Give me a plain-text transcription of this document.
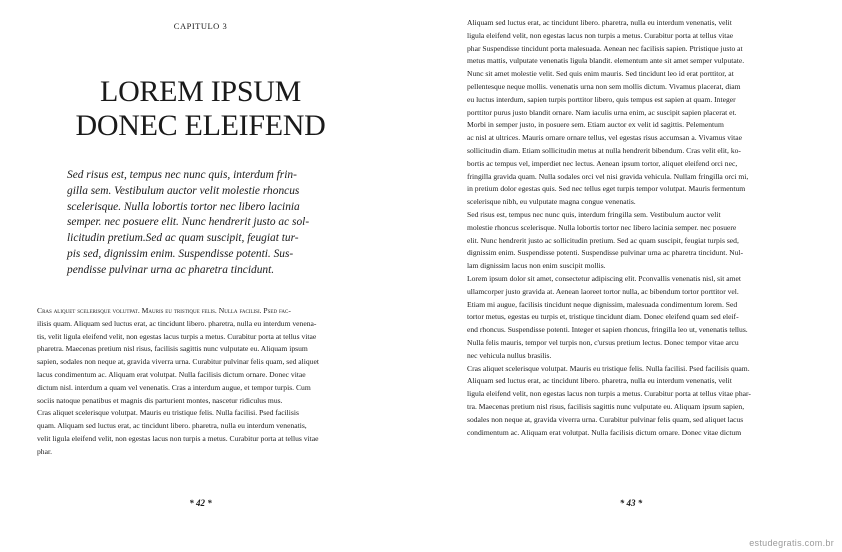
CAPITULO 3
LOREM IPSUM
DONEC ELEIFEND
Sed risus est, tempus nec nunc quis, interdum frin-
gilla sem. Vestibulum auctor velit molestie rhoncus
scelerisque. Nulla lobortis tortor nec libero lacinia
semper. nec posuere elit. Nunc hendrerit justo ac sol-
licitudin pretium.Sed ac quam suscipit, feugiat tur-
pis sed, dignissim enim. Suspendisse potenti. Sus-
pendisse pulvinar urna ac pharetra tincidunt.
Cras aliquet scelerisque volutpat. Mauris eu tristique felis. Nulla facilisi. Psed fac-
ilisis quam. Aliquam sed luctus erat, ac tincidunt libero. pharetra, nulla eu interdum venena-
tis, velit ligula eleifend velit, non egestas lacus turpis a metus. Curabitur porta at tellus vitae
pharetra. Maecenas pretium nisl risus, facilisis sagittis nunc vulputate eu. Aliquam ipsum
sapien, sodales non neque at, gravida viverra urna. Curabitur pulvinar felis quam, sed aliquet
lacus condimentum ac. Aliquam erat volutpat. Nulla facilisis dictum ornare. Donec vitae
dictum nisl. interdum a quam vel venenatis. Cras a interdum augue, et tempor turpis. Cum
sociis natoque penatibus et magnis dis parturient montes, nascetur ridiculus mus.
Cras aliquet scelerisque volutpat. Mauris eu tristique felis. Nulla facilisi. Psed facilisis
quam. Aliquam sed luctus erat, ac tincidunt libero. pharetra, nulla eu interdum venenatis,
velit ligula eleifend velit, non egestas lacus non turpis a metus. Curabitur porta at tellus vitae
phar.
* 42 *
Aliquam sed luctus erat, ac tincidunt libero. pharetra, nulla eu interdum venenatis, velit
ligula eleifend velit, non egestas lacus non turpis a metus. Curabitur porta at tellus vitae
phar Suspendisse tincidunt porta malesuada. Aenean nec facilisis sapien. Ptristique justo at
metus mattis, vulputate venenatis ligula blandit. elementum ante sit amet semper vulputate.
Nunc sit amet molestie velit. Sed quis enim mauris. Sed tincidunt leo id erat porttitor, at
pellentesque neque mollis. venenatis urna non sem mollis dictum. Vivamus placerat, diam
eu luctus interdum, sapien turpis porttitor libero, quis tempus est sapien at quam. Integer
porttitor purus justo blandit ornare. Nam iaculis urna enim, ac suscipit sapien placerat et.
Morbi in semper justo, in posuere sem. Etiam auctor ex velit id sagittis. Pelementum
ac nisl at ultrices. Mauris ornare ornare tellus, vel egestas risus accumsan a. Vivamus vitae
sollicitudin diam. Etiam sollicitudin metus at nulla hendrerit bibendum. Cras velit elit, ko-
bortis ac tempus vel, imperdiet nec lectus. Aenean ipsum tortor, aliquet eleifend orci nec,
fringilla gravida quam. Nulla sodales orci vel nisi gravida vehicula. Nullam fringilla orci mi,
in pretium dolor egestas quis. Sed nec tellus eget turpis tempor volutpat. Mauris fermentum
scelerisque nibh, eu vulputate magna congue venenatis.
Sed risus est, tempus nec nunc quis, interdum fringilla sem. Vestibulum auctor velit
molestie rhoncus scelerisque. Nulla lobortis tortor nec libero lacinia semper. nec posuere
elit. Nunc hendrerit justo ac sollicitudin pretium. Sed ac quam suscipit, feugiat turpis sed,
dignissim enim. Suspendisse potenti. Suspendisse pulvinar urna ac pharetra tincidunt. Nul-
lam dignissim lacus non enim suscipit mollis.
Lorem ipsum dolor sit amet, consectetur adipiscing elit. Pconvallis venenatis nisl, sit amet
ullamcorper justo gravida at. Aenean laoreet tortor nulla, ac bibendum tortor porttitor vel.
Etiam mi augue, facilisis tincidunt neque dignissim, malesuada condimentum lorem. Sed
tortor metus, egestas eu turpis et, tristique tincidunt diam. Donec eleifend quam sed eleif-
end rhoncus. Suspendisse potenti. Integer et sapien rhoncus, fringilla leo ut, venenatis tellus.
Nulla felis mauris, tempor vel turpis non, c'ursus pretium lectus. Donec tempor vitae arcu
nec vehicula nullus brasilis.
Cras aliquet scelerisque volutpat. Mauris eu tristique felis. Nulla facilisi. Psed facilisis quam.
Aliquam sed luctus erat, ac tincidunt libero. pharetra, nulla eu interdum venenatis, velit
ligula eleifend velit, non egestas lacus non turpis a metus. Curabitur porta at tellus vitae phar-
tra. Maecenas pretium nisl risus, facilisis sagittis nunc vulputate eu. Aliquam ipsum sapien,
sodales non neque at, gravida viverra urna. Curabitur pulvinar felis quam, sed aliquet lacus
condimentum ac. Aliquam erat volutpat. Nulla facilisis dictum ornare. Donec vitae dictum
* 43 *
estudegratis.com.br
